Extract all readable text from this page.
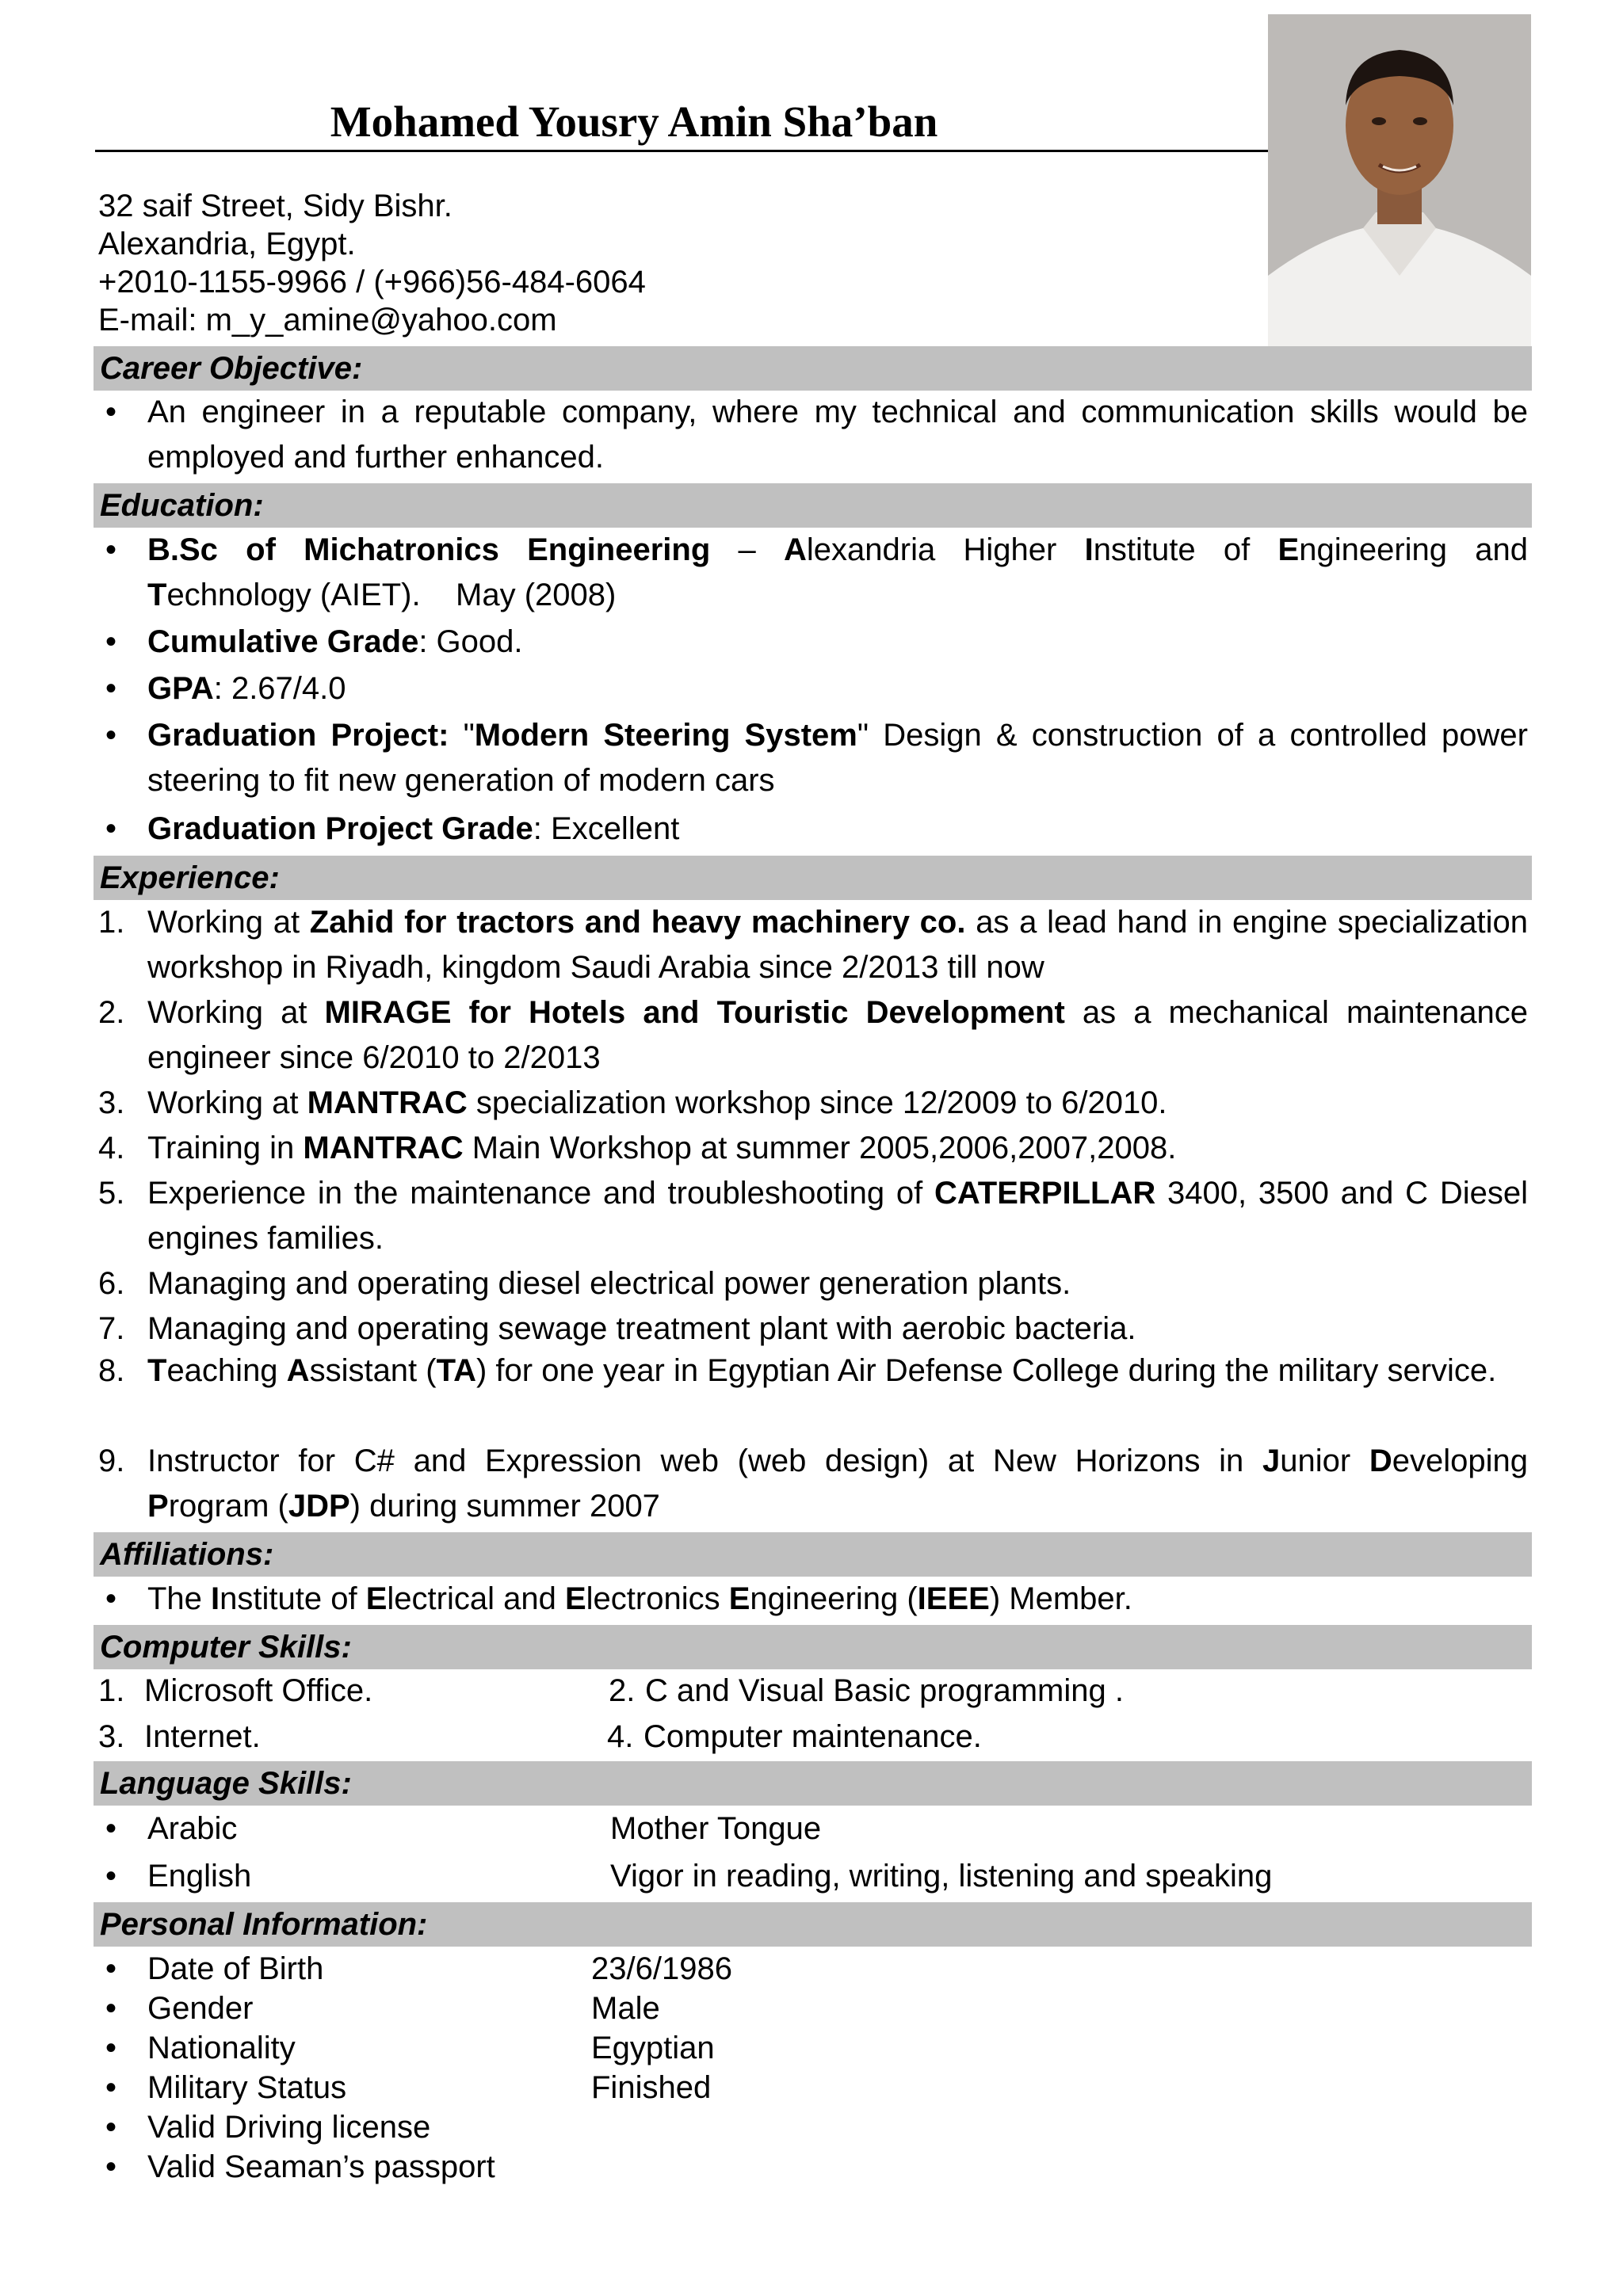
Mohamed Yousry Amin Sha’ban
32 saif Street, Sidy Bishr.
Alexandria, Egypt.
+2010-1155-9966 / (+966)56-484-6064
E-mail: m_y_amine@yahoo.com
Career Objective:
• An engineer in a reputable company, where my technical and communication skills would be employed and further enhanced.
Education:
• B.Sc of Michatronics Engineering – Alexandria Higher Institute of Engineering and Technology (AIET).    May (2008)
• Cumulative Grade: Good.
• GPA: 2.67/4.0
• Graduation Project: "Modern Steering System" Design & construction of a controlled power steering to fit new generation of modern cars
• Graduation Project Grade: Excellent
Experience:
1. Working at Zahid for tractors and heavy machinery co. as a lead hand in engine specialization workshop in Riyadh, kingdom Saudi Arabia since 2/2013 till now
2. Working at MIRAGE for Hotels and Touristic Development as a mechanical maintenance engineer since 6/2010 to 2/2013
3. Working at MANTRAC specialization workshop since 12/2009 to 6/2010.
4. Training in MANTRAC Main Workshop at summer 2005,2006,2007,2008.
5. Experience in the maintenance and troubleshooting of CATERPILLAR 3400, 3500 and C Diesel engines families.
6. Managing and operating diesel electrical power generation plants.
7. Managing and operating sewage treatment plant with aerobic bacteria.
8. Teaching Assistant (TA) for one year in Egyptian Air Defense College during the military service.
9. Instructor for C# and Expression web (web design) at New Horizons in Junior Developing Program (JDP) during summer 2007
Affiliations:
• The Institute of Electrical and Electronics Engineering (IEEE) Member.
Computer Skills:
1. Microsoft Office.	2. C and Visual Basic programming .
3. Internet.	4. Computer maintenance.
Language Skills:
• Arabic	Mother Tongue
• English	Vigor in reading, writing, listening and speaking
Personal Information:
• Date of Birth	23/6/1986
• Gender	Male
• Nationality	Egyptian
• Military Status	Finished
• Valid Driving license
• Valid Seaman’s passport
